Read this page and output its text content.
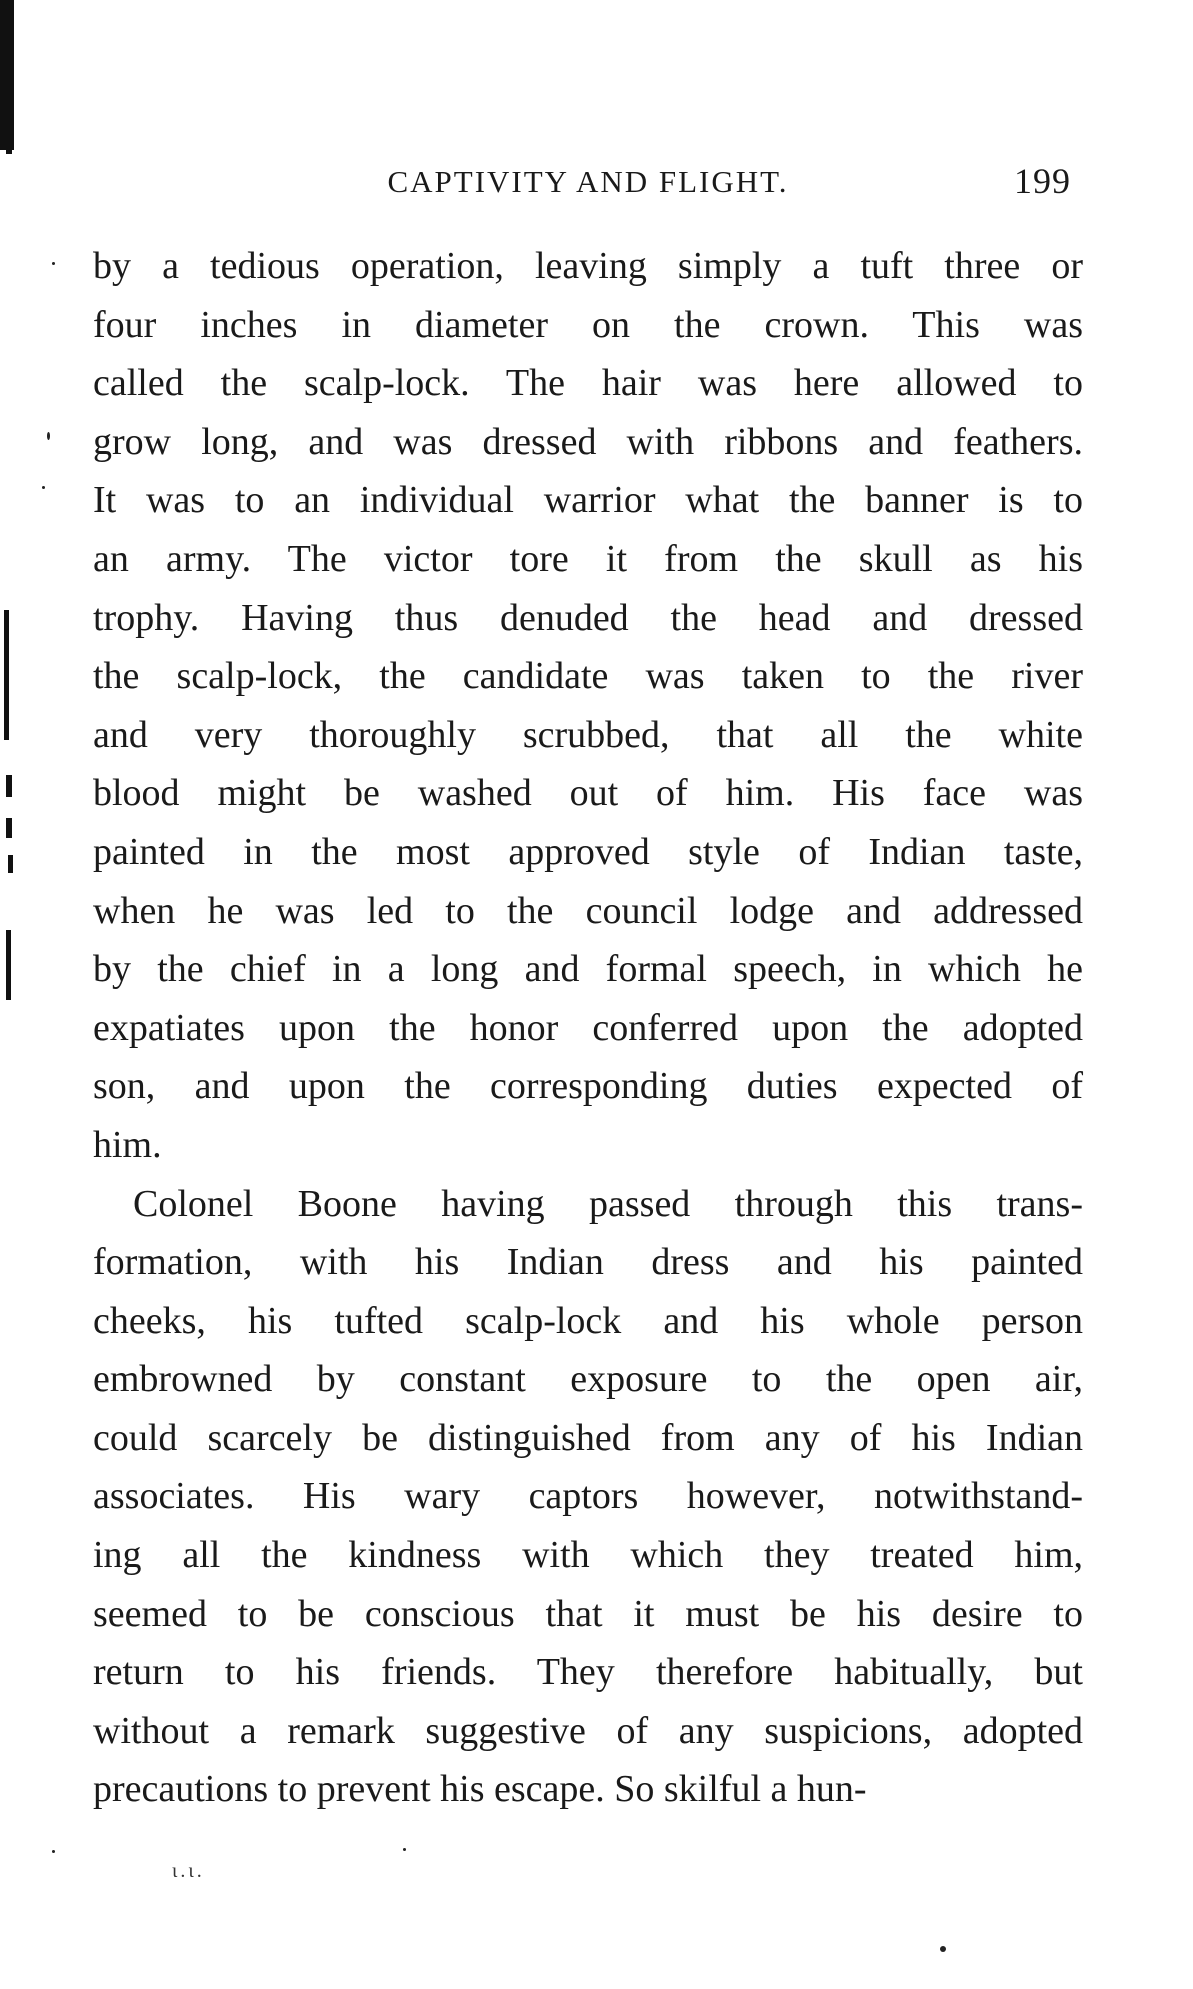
CAPTIVITY AND FLIGHT.	199

by a tedious operation, leaving simply a tuft three or
four inches in diameter on the crown. This was
called the scalp-lock. The hair was here allowed to
grow long, and was dressed with ribbons and feathers.
It was to an individual warrior what the banner is to
an army. The victor tore it from the skull as his
trophy. Having thus denuded the head and dressed
the scalp-lock, the candidate was taken to the river
and very thoroughly scrubbed, that all the white
blood might be washed out of him. His face was
painted in the most approved style of Indian taste,
when he was led to the council lodge and addressed
by the chief in a long and formal speech, in which he
expatiates upon the honor conferred upon the adopted
son, and upon the corresponding duties expected of
him.

Colonel Boone having passed through this trans-
formation, with his Indian dress and his painted
cheeks, his tufted scalp-lock and his whole person
embrowned by constant exposure to the open air,
could scarcely be distinguished from any of his Indian
associates. His wary captors however, notwithstand-
ing all the kindness with which they treated him,
seemed to be conscious that it must be his desire to
return to his friends. They therefore habitually, but
without a remark suggestive of any suspicions, adopted
precautions to prevent his escape. So skilful a hun-

ι.ι.
